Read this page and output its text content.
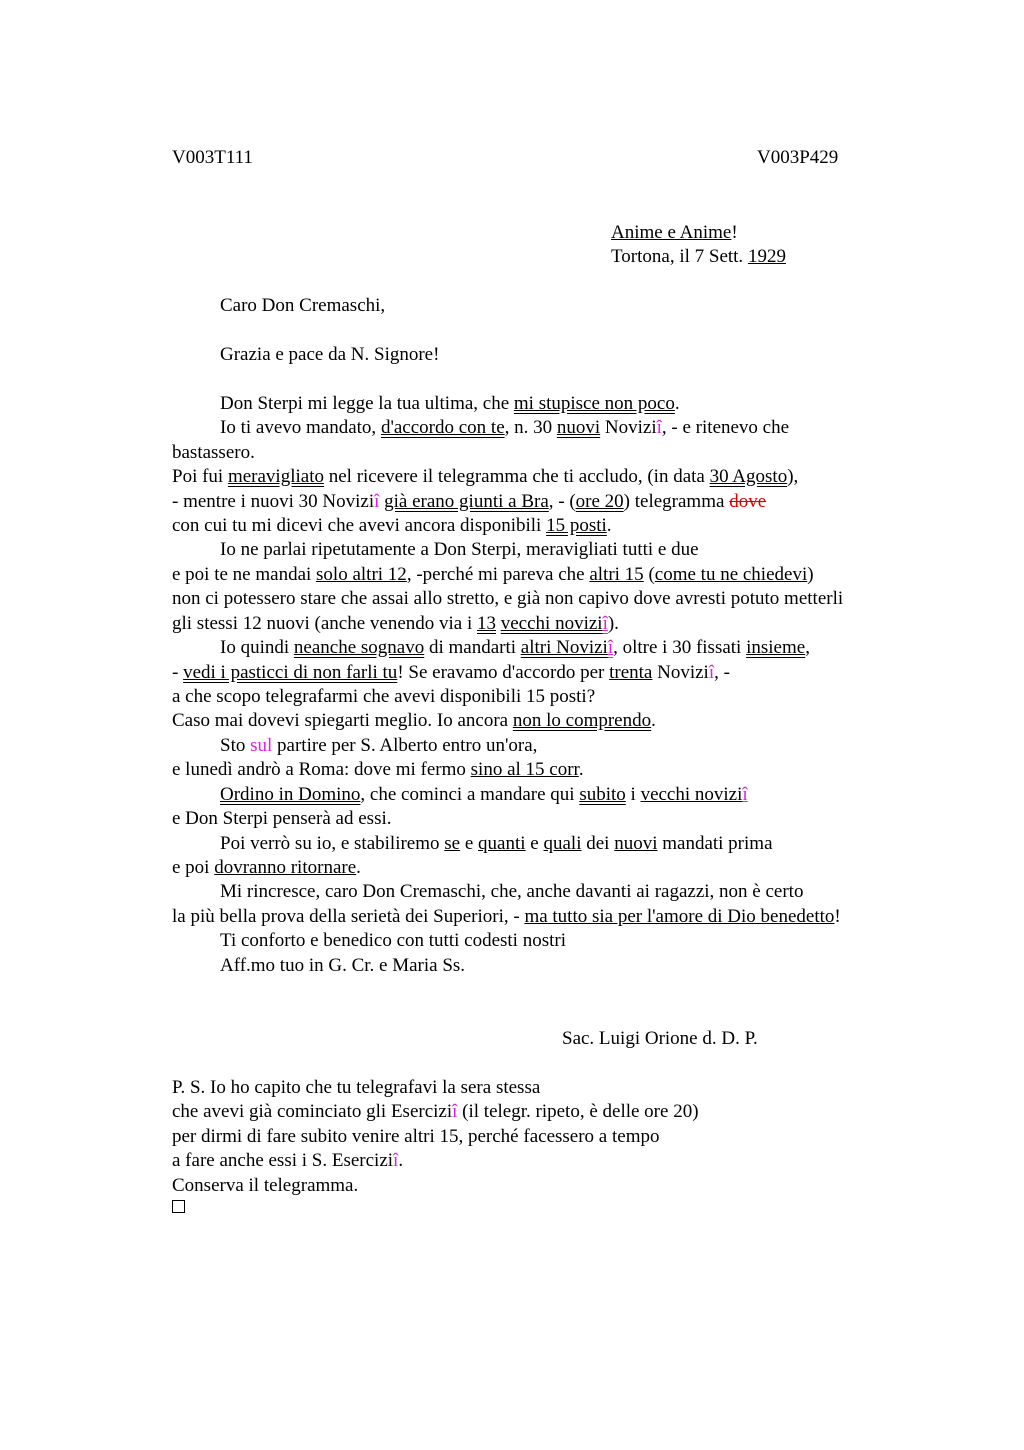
V003T111	V003P429
Anime e Anime!
Tortona, il 7 Sett. 1929
Caro Don Cremaschi,
Grazia e pace da N. Signore!
Don Sterpi mi legge la tua ultima, che mi stupisce non poco.
Io ti avevo mandato, d'accordo con te, n. 30 nuovi Noviziî, - e ritenevo che
bastassero.
Poi fui meravigliato nel ricevere il telegramma che ti accludo, (in data 30 Agosto),
- mentre i nuovi 30 Noviziî già erano giunti a Bra, - (ore 20) telegramma dove
con cui tu mi dicevi che avevi ancora disponibili 15 posti.
Io ne parlai ripetutamente a Don Sterpi, meravigliati tutti e due
e poi te ne mandai solo altri 12, -perché mi pareva che altri 15 (come tu ne chiedevi)
non ci potessero stare che assai allo stretto, e già non capivo dove avresti potuto metterli
gli stessi 12 nuovi (anche venendo via i 13 vecchi noviziî).
Io quindi neanche sognavo di mandarti altri Noviziî, oltre i 30 fissati insieme,
- vedi i pasticci di non farli tu! Se eravamo d'accordo per trenta Noviziî, -
a che scopo telegrafarmi che avevi disponibili 15 posti?
Caso mai dovevi spiegarti meglio. Io ancora non lo comprendo.
Sto sul partire per S. Alberto entro un'ora,
e lunedì andrò a Roma: dove mi fermo sino al 15 corr.
Ordino in Domino, che cominci a mandare qui subito i vecchi noviziî
e Don Sterpi penserà ad essi.
Poi verrò su io, e stabiliremo se e quanti e quali dei nuovi mandati prima
e poi dovranno ritornare.
Mi rincresce, caro Don Cremaschi, che, anche davanti ai ragazzi, non è certo
la più bella prova della serietà dei Superiori, - ma tutto sia per l'amore di Dio benedetto!
Ti conforto e benedico con tutti codesti nostri
Aff.mo tuo in G. Cr. e Maria Ss.
Sac. Luigi Orione d. D. P.
P. S. Io ho capito che tu telegrafavi la sera stessa
che avevi già cominciato gli Eserciziî (il telegr. ripeto, è delle ore 20)
per dirmi di fare subito venire altri 15, perché facessero a tempo
a fare anche essi i S. Eserciziî.
Conserva il telegramma.
